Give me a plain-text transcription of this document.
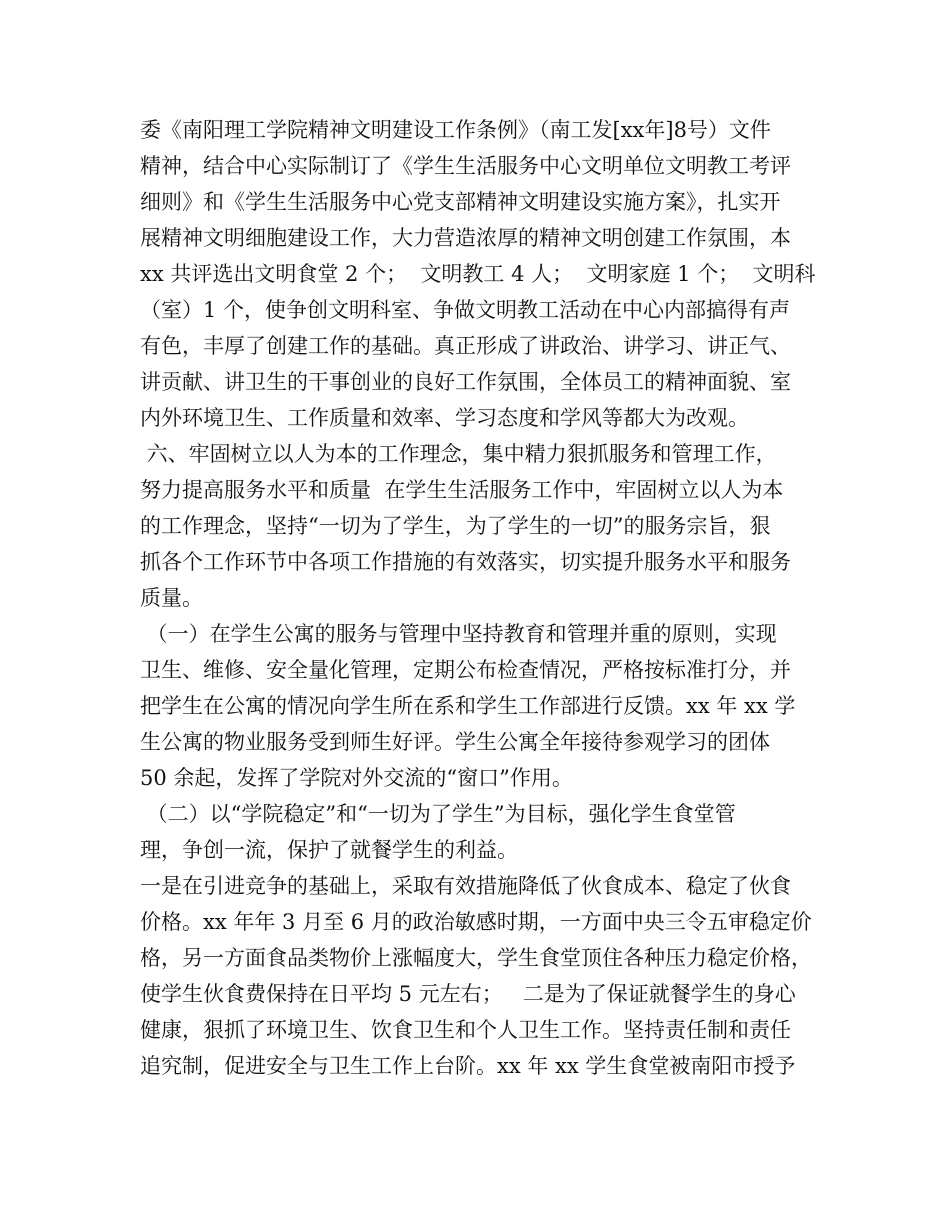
委《南阳理工学院精神文明建设工作条例》（南工发[xx年]8号）文件
精神，结合中心实际制订了《学生生活服务中心文明单位文明教工考评
细则》和《学生生活服务中心党支部精神文明建设实施方案》，扎实开
展精神文明细胞建设工作，大力营造浓厚的精神文明创建工作氛围，本
xx 共评选出文明食堂 2 个；  文明教工 4 人；  文明家庭 1 个；  文明科
（室）1 个，使争创文明科室、争做文明教工活动在中心内部搞得有声
有色，丰厚了创建工作的基础。真正形成了讲政治、讲学习、讲正气、
讲贡献、讲卫生的干事创业的良好工作氛围，全体员工的精神面貌、室
内外环境卫生、工作质量和效率、学习态度和学风等都大为改观。
六、牢固树立以人为本的工作理念，集中精力狠抓服务和管理工作，
努力提高服务水平和质量  在学生生活服务工作中，牢固树立以人为本
的工作理念，坚持“一切为了学生，为了学生的一切”的服务宗旨，狠
抓各个工作环节中各项工作措施的有效落实，切实提升服务水平和服务
质量。
（一）在学生公寓的服务与管理中坚持教育和管理并重的原则，实现
卫生、维修、安全量化管理，定期公布检查情况，严格按标准打分，并
把学生在公寓的情况向学生所在系和学生工作部进行反馈。xx 年 xx 学
生公寓的物业服务受到师生好评。学生公寓全年接待参观学习的团体
50 余起，发挥了学院对外交流的“窗口”作用。
（二）以“学院稳定”和“一切为了学生”为目标，强化学生食堂管
理，争创一流，保护了就餐学生的利益。
一是在引进竞争的基础上，采取有效措施降低了伙食成本、稳定了伙食
价格。xx 年年 3 月至 6 月的政治敏感时期，一方面中央三令五审稳定价
格，另一方面食品类物价上涨幅度大，学生食堂顶住各种压力稳定价格，
使学生伙食费保持在日平均 5 元左右；   二是为了保证就餐学生的身心
健康，狠抓了环境卫生、饮食卫生和个人卫生工作。坚持责任制和责任
追究制，促进安全与卫生工作上台阶。xx 年 xx 学生食堂被南阳市授予
